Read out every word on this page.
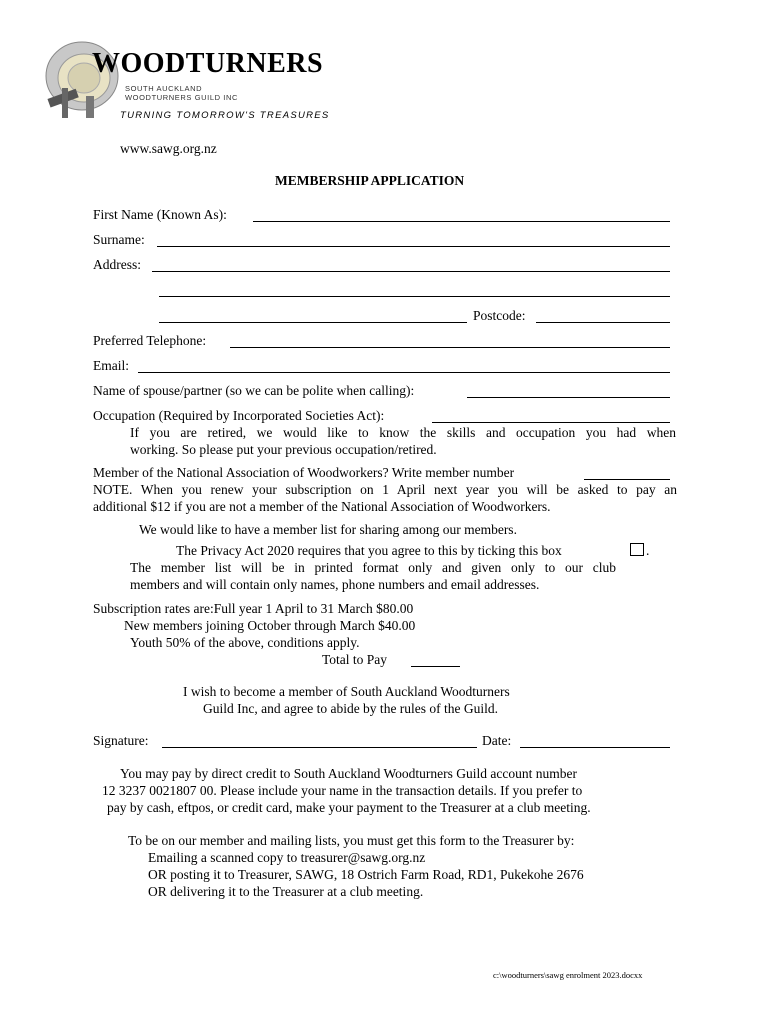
WOODTURNERS
SOUTH AUCKLAND
WOODTURNERS GUILD INC
TURNING TOMORROW'S TREASURES
www.sawg.org.nz
MEMBERSHIP APPLICATION
First Name (Known As):
Surname:
Address:
Postcode:
Preferred Telephone:
Email:
Name of spouse/partner (so we can be polite when calling):
Occupation (Required by Incorporated Societies Act):
If you are retired, we would like to know the skills and occupation you had when
working. So please put your previous occupation/retired.
Member of the National Association of Woodworkers? Write member number
NOTE. When you renew your subscription on 1 April next year you will be asked to pay an
additional $12 if you are not a member of the National Association of Woodworkers.
We would like to have a member list for sharing among our members.
The Privacy Act 2020 requires that you agree to this by ticking this box	.
The member list will be in printed format only and given only to our club
members and will contain only names, phone numbers and email addresses.
Subscription rates are:Full year 1 April to 31 March $80.00
New members joining October through March $40.00
Youth 50% of the above, conditions apply.
Total to Pay
I wish to become a member of South Auckland Woodturners
Guild Inc, and agree to abide by the rules of the Guild.
Signature:	Date:
You may pay by direct credit to South Auckland Woodturners Guild account number
12 3237 0021807 00. Please include your name in the transaction details. If you prefer to
pay by cash, eftpos, or credit card, make your payment to the Treasurer at a club meeting.
To be on our member and mailing lists, you must get this form to the Treasurer by:
Emailing a scanned copy to treasurer@sawg.org.nz
OR posting it to Treasurer, SAWG, 18 Ostrich Farm Road, RD1, Pukekohe 2676
OR delivering it to the Treasurer at a club meeting.
c:\woodturners\sawg enrolment 2023.docxx
